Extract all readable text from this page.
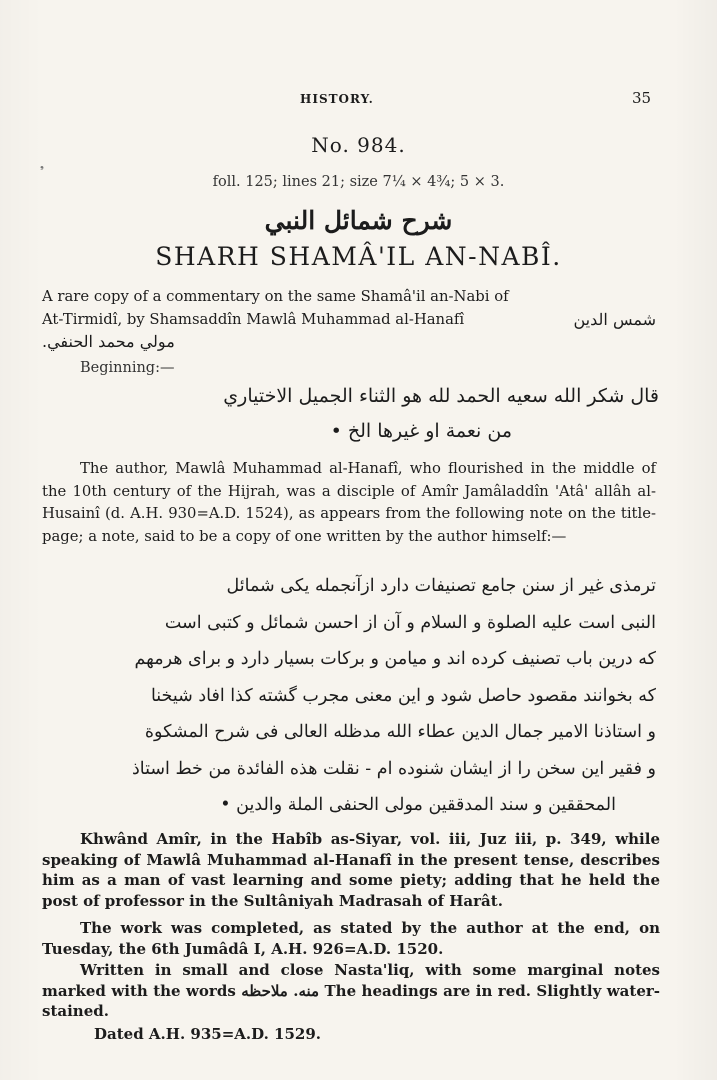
HISTORY.	35
❟
No. 984.
foll. 125; lines 21; size 7¼ × 4¾; 5 × 3.
شرح شمائل النبي
SHARH SHAMÂ'IL AN-NABÎ.
A rare copy of a commentary on the same Shamâ'il an-Nabi of
At-Tirmidî, by Shamsaddîn Mawlâ Muhammad al-Hanafî	شمس الدين
مولي محمد الحنفي.
Beginning:—
قال شكر الله سعيه الحمد لله هو الثناء الجميل الاختياري
من نعمة او غيرها الخ •
The author, Mawlâ Muhammad al-Hanafî, who flourished in the middle of the 10th century of the Hijrah, was a disciple of Amîr Jamâladdîn 'Atâ' allâh al-Husainî (d. A.H. 930=A.D. 1524), as appears from the following note on the title-page; a note, said to be a copy of one written by the author himself:—
ترمذی غیر از سنن جامع تصنیفات دارد ازآنجمله یکی شمائل
النبی است علیه الصلوة و السلام و آن از احسن شمائل و کتبی است
که درین باب تصنیف کرده اند و میامن و برکات بسیار دارد و برای هرمهم
که بخوانند مقصود حاصل شود و این معنی مجرب گشته کذا افاد شیخنا
و استاذنا الامیر جمال الدین عطاء الله مدظله العالی فی شرح المشکوة
و فقیر این سخن را از ایشان شنوده ام - نقلت هذه الفائدة من خط استاذ
المحققین و سند المدققین مولی الحنفی الملة والدین •
Khwând Amîr, in the Habîb as-Siyar, vol. iii, Juz iii, p. 349, while speaking of Mawlâ Muhammad al-Hanafî in the present tense, describes him as a man of vast learning and some piety; adding that he held the post of professor in the Sultâniyah Madrasah of Harât.
The work was completed, as stated by the author at the end, on Tuesday, the 6th Jumâdâ I, A.H. 926=A.D. 1520.
Written in small and close Nasta'liq, with some marginal notes marked with the words منه. ملاحظه The headings are in red. Slightly water-stained.
Dated A.H. 935=A.D. 1529.
